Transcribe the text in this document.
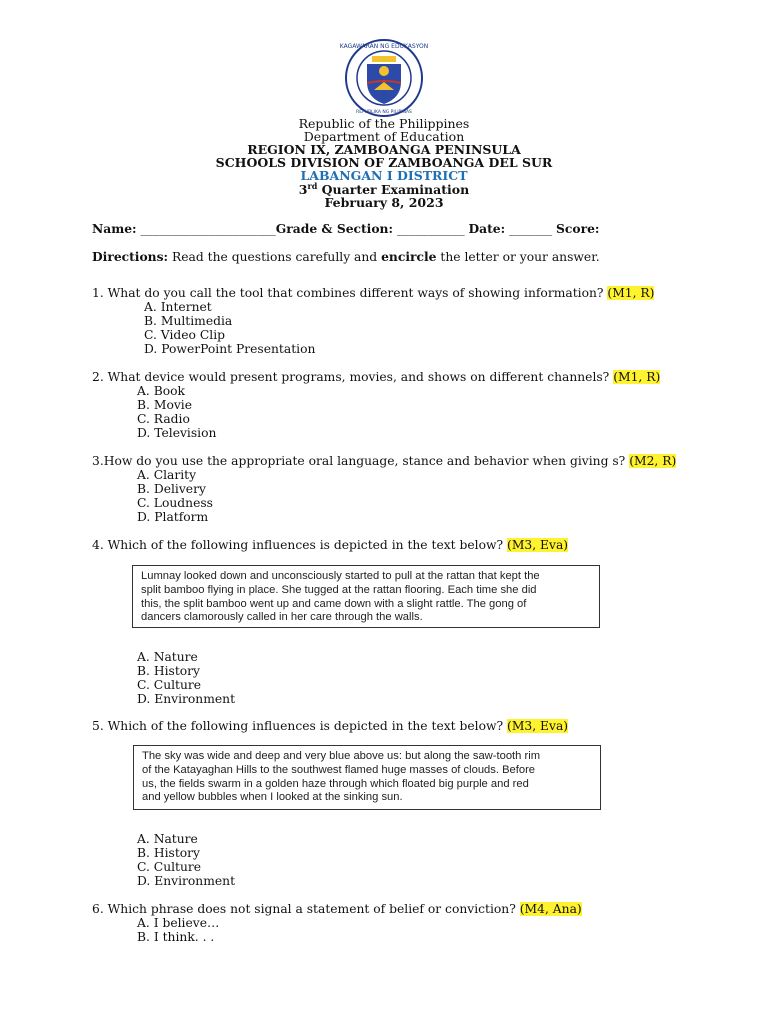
KAGAWARAN NG EDUKASYON
REPUBLIKA NG PILIPINAS
Republic of the Philippines
Department of Education
REGION IX, ZAMBOANGA PENINSULA
SCHOOLS DIVISION OF ZAMBOANGA DEL SUR
LABANGAN I DISTRICT
3rd Quarter Examination
February 8, 2023
Name: ______________________Grade & Section: ___________ Date: _______ Score:
Directions: Read the questions carefully and encircle the letter or your answer.
1. What do you call the tool that combines different ways of showing information? (M1, R)
A. Internet
B. Multimedia
C. Video Clip
D. PowerPoint Presentation
2. What device would present programs, movies, and shows on different channels? (M1, R)
A. Book
B. Movie
C. Radio
D. Television
3.How do you use the appropriate oral language, stance and behavior when giving s? (M2, R)
A. Clarity
B. Delivery
C. Loudness
D. Platform
4. Which of the following influences is depicted in the text below? (M3, Eva)
Lumnay looked down and unconsciously started to pull at the rattan that kept the
split bamboo flying in place. She tugged at the rattan flooring. Each time she did
this, the split bamboo went up and came down with a slight rattle. The gong of
dancers clamorously called in her care through the walls.
A. Nature
B. History
C. Culture
D. Environment
5. Which of the following influences is depicted in the text below? (M3, Eva)
The sky was wide and deep and very blue above us: but along the saw-tooth rim
of the Katayaghan Hills to the southwest flamed huge masses of clouds. Before
us, the fields swarm in a golden haze through which floated big purple and red
and yellow bubbles when I looked at the sinking sun.
A. Nature
B. History
C. Culture
D. Environment
6. Which phrase does not signal a statement of belief or conviction? (M4, Ana)
A. I believe…
B. I think. . .
